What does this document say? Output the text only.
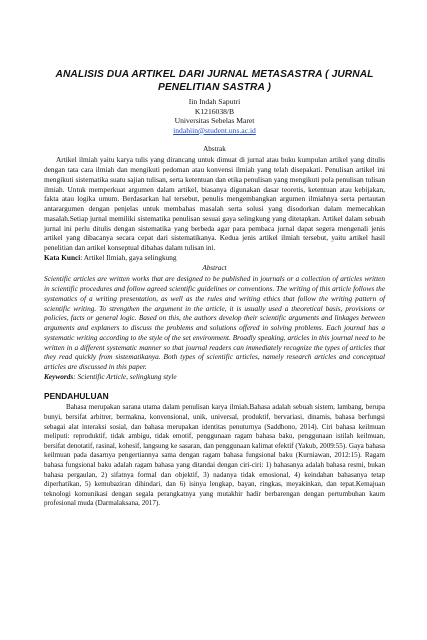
ANALISIS DUA ARTIKEL DARI JURNAL METASASTRA ( JURNAL PENELITIAN SASTRA )
Iin Indah Saputri
K1216038/B
Universitas Sebelas Maret
indahiin@student.uns.ac.id
Abstrak

Artikel ilmiah yaitu karya tulis yang dirancang untuk dimuat di jurnal atau buku kumpulan artikel yang ditulis dengan tata cara ilmiah dan mengikuti pedoman atau konvensi ilmiah yang telah disepakati. Penulisan artikel ini mengikuti sistematika suatu sajian tulisan, serta ketentuan dan etika penulisan yang mengikuti pola penulisan tulisan ilmiah. Untuk memperkuat argumen dalam artikel, biasanya digunakan dasar teoretis, ketentuan atau kebijakan, fakta atau logika umum. Berdasarkan hal tersebut, penulis mengembangkan argumen ilmiahnya serta pertautan antarargumen dengan penjelas untuk membahas masalah serta solusi yang disodorkan dalam memecahkan masalah.Setiap jurnal memiliki sistematika penulisan sesuai gaya selingkung yang ditetapkan. Artikel dalam sebuah jurnal ini perlu ditulis dengan sistematika yang berbeda agar para pembaca jurnal dapat segera mengenali jenis artikel yang dibacanya secara cepat dari sistematikanya. Kedua jenis artikel ilmiah tersebut, yaitu artikel hasil penelitian dan artikel konseptual dibahas dalam tulisan ini.

Kata Kunci: Artikel Ilmiah, gaya selingkung

Abstract

Scientific articles are written works that are designed to be published in journals or a collection of articles written in scientific procedures and follow agreed scientific guidelines or conventions. The writing of this article follows the systematics of a writing presentation, as well as the rules and writing ethics that follow the writing pattern of scientific writing. To strengthen the argument in the article, it is usually used a theoretical basis, provisions or policies, facts or general logic. Based on this, the authors develop their scientific arguments and linkages between arguments and explaners to discuss the problems and solutions offered in solving problems. Each journal has a systematic writing according to the style of the set environment. Broadly speaking, articles in this journal need to be written in a different systematic manner so that journal readers can immediately recognize the types of articles that they read quickly from sistematikanya. Both types of scientific articles, namely research articles and conceptual articles are discussed in this paper.

Keywords: Scientific Article, selingkung style

PENDAHULUAN

Bahasa merupakan sarana utama dalam penulisan karya ilmiah.Bahasa adalah sebuah sistem, lambang, berupa bunyi, bersifat arbitrer, bermakna, konvensional, unik, universal, produktif, bervariasi, dinamis, bahasa berfungsi sebagai alat interaksi sosial, dan bahasa merupakan identitas penuturnya (Saddhono, 2014). Ciri bahasa keilmuan meliputi: reproduktif, tidak ambigu, tidak emotif, penggunaan ragam bahasa baku, penggunaan istilah keilmuan, bersifat denotatif, rasinal, kohesif, langsung ke sasaran, dan penggunaan kalimat efektif (Yakub, 2009:55). Gaya bahasa keilmuan pada dasarnya pengertiannya sama dengan ragam bahasa fungsional baku (Kurniawan, 2012:15). Ragam bahasa fungsional baku adalah ragam bahasa yang ditandai dengan ciri-ciri: 1) bahasanya adalah bahasa resmi, bukan bahasa pergaulan, 2) sifatnya formal dan objektif, 3) nadanya tidak emosional, 4) keindahan bahasanya tetap diperhatikan, 5) kemubaziran dihindari, dan 6) isinya lengkap, bayan, ringkas, meyakinkan, dan tepat.Kemajuan teknologi komunikasi dengan segala perangkatnya yang mutakhir hadir berbarengan dengan pertumbuhan kaum profesional muda (Darmalaksana, 2017).
